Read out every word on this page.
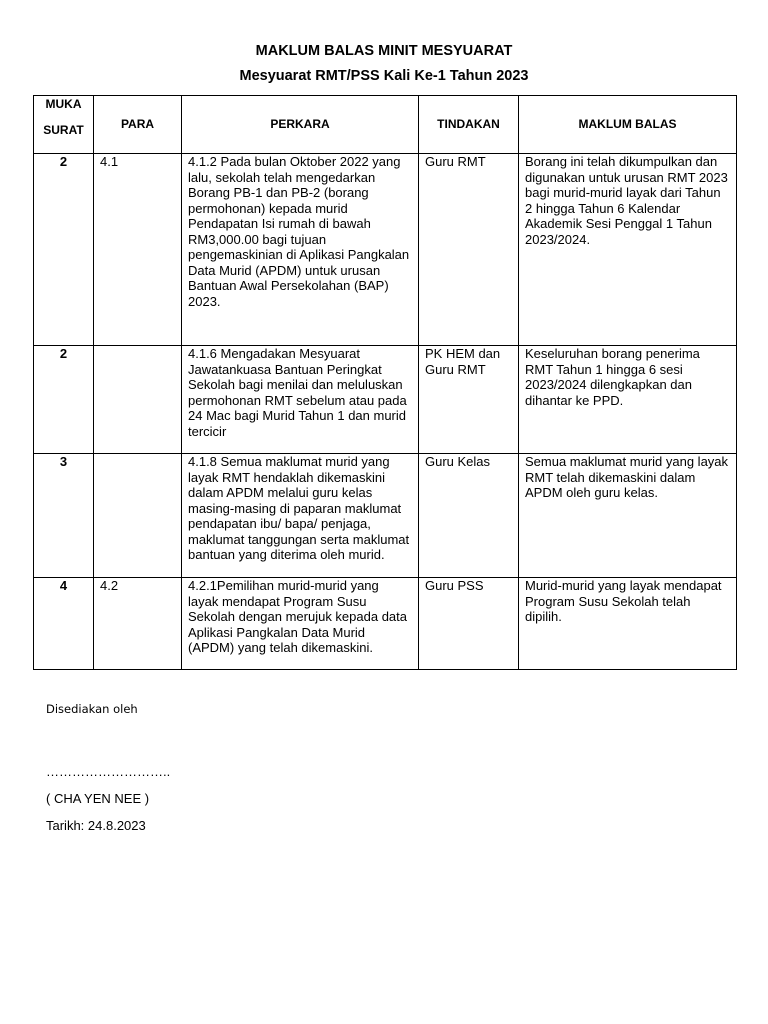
MAKLUM BALAS MINIT MESYUARAT
Mesyuarat RMT/PSS Kali Ke-1 Tahun 2023
MUKA
SURAT	PARA	PERKARA	TINDAKAN	MAKLUM BALAS
2	4.1	4.1.2 Pada bulan Oktober 2022 yang lalu, sekolah telah mengedarkan Borang PB-1 dan PB-2 (borang permohonan) kepada murid Pendapatan Isi rumah di bawah RM3,000.00 bagi tujuan pengemaskinian di Aplikasi Pangkalan Data Murid (APDM) untuk urusan Bantuan Awal Persekolahan (BAP) 2023.	Guru RMT	Borang ini telah dikumpulkan dan digunakan untuk urusan RMT 2023 bagi murid-murid layak dari Tahun 2 hingga Tahun 6 Kalendar Akademik Sesi Penggal 1 Tahun 2023/2024.
2		4.1.6 Mengadakan Mesyuarat Jawatankuasa Bantuan Peringkat Sekolah bagi menilai dan meluluskan permohonan RMT sebelum atau pada 24 Mac bagi Murid Tahun 1 dan murid tercicir	PK HEM dan Guru RMT	Keseluruhan borang penerima RMT Tahun 1 hingga 6 sesi 2023/2024 dilengkapkan dan dihantar ke PPD.
3		4.1.8 Semua maklumat murid yang layak RMT hendaklah dikemaskini dalam APDM melalui guru kelas masing-masing di paparan maklumat pendapatan ibu/ bapa/ penjaga, maklumat tanggungan serta maklumat bantuan yang diterima oleh murid.	Guru Kelas	Semua maklumat murid yang layak RMT telah dikemaskini dalam APDM oleh guru kelas.
4	4.2	4.2.1Pemilihan murid-murid yang layak mendapat Program Susu Sekolah dengan merujuk kepada data Aplikasi Pangkalan Data Murid (APDM) yang telah dikemaskini.	Guru PSS	Murid-murid yang layak mendapat Program Susu Sekolah telah dipilih.
Disediakan oleh
………………………..
( CHA YEN NEE )
Tarikh: 24.8.2023
